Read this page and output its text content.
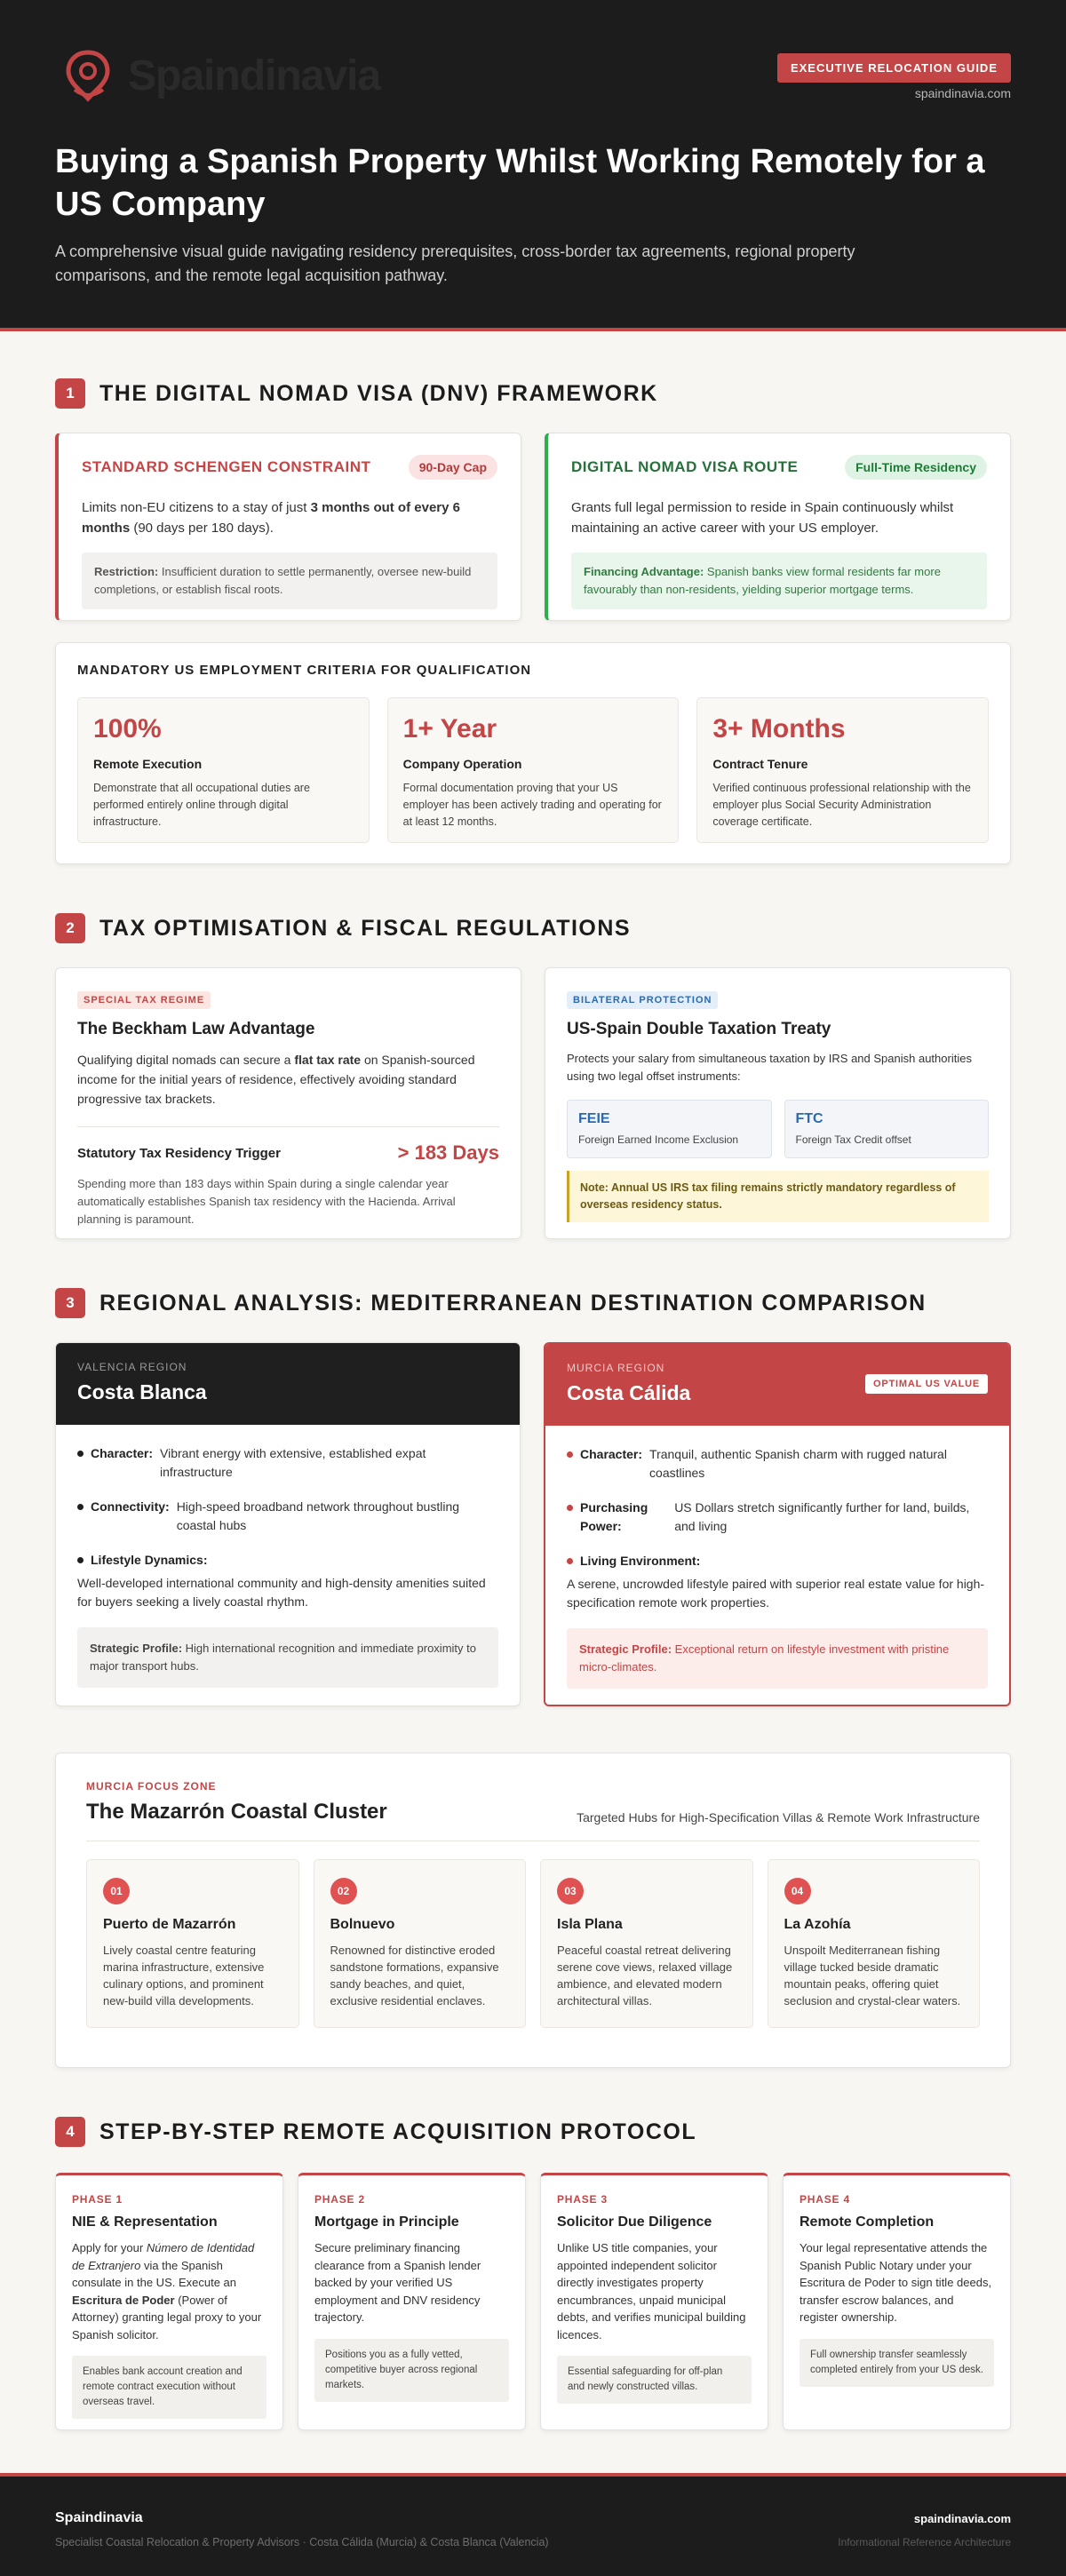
Spaindinavia	EXECUTIVE RELOCATION GUIDE
spaindinavia.com
Buying a Spanish Property Whilst Working Remotely for a US Company

A comprehensive visual guide navigating residency prerequisites, cross-border tax agreements, regional property comparisons, and the remote legal acquisition pathway.

1	THE DIGITAL NOMAD VISA (DNV) FRAMEWORK
STANDARD SCHENGEN CONSTRAINT	90-Day Cap

Limits non-EU citizens to a stay of just 3 months out of every 6 months (90 days per 180 days).

Restriction: Insufficient duration to settle permanently, oversee new-build completions, or establish fiscal roots.
DIGITAL NOMAD VISA ROUTE	Full-Time Residency

Grants full legal permission to reside in Spain continuously whilst maintaining an active career with your US employer.

Financing Advantage: Spanish banks view formal residents far more favourably than non-residents, yielding superior mortgage terms.
MANDATORY US EMPLOYMENT CRITERIA FOR QUALIFICATION
100%
Remote Execution
Demonstrate that all occupational duties are performed entirely online through digital infrastructure.
1+ Year
Company Operation
Formal documentation proving that your US employer has been actively trading and operating for at least 12 months.
3+ Months
Contract Tenure
Verified continuous professional relationship with the employer plus Social Security Administration coverage certificate.
2	TAX OPTIMISATION & FISCAL REGULATIONS
SPECIAL TAX REGIME
The Beckham Law Advantage

Qualifying digital nomads can secure a flat tax rate on Spanish-sourced income for the initial years of residence, effectively avoiding standard progressive tax brackets.

Statutory Tax Residency Trigger	> 183 Days

Spending more than 183 days within Spain during a single calendar year automatically establishes Spanish tax residency with the Hacienda. Arrival planning is paramount.

BILATERAL PROTECTION
US-Spain Double Taxation Treaty

Protects your salary from simultaneous taxation by IRS and Spanish authorities using two legal offset instruments:

FEIE
Foreign Earned Income Exclusion
FTC
Foreign Tax Credit offset
Note: Annual US IRS tax filing remains strictly mandatory regardless of overseas residency status.
3	REGIONAL ANALYSIS: MEDITERRANEAN DESTINATION COMPARISON
VALENCIA REGION
Costa Blanca
Character: Vibrant energy with extensive, established expat infrastructure
Connectivity: High-speed broadband network throughout bustling coastal hubs
Lifestyle Dynamics:
Well-developed international community and high-density amenities suited for buyers seeking a lively coastal rhythm.
Strategic Profile: High international recognition and immediate proximity to major transport hubs.
MURCIA REGION
Costa Cálida	OPTIMAL US VALUE
Character: Tranquil, authentic Spanish charm with rugged natural coastlines
Purchasing Power:
US Dollars stretch significantly further for land, builds, and living
Living Environment:
A serene, uncrowded lifestyle paired with superior real estate value for high-specification remote work properties.
Strategic Profile: Exceptional return on lifestyle investment with pristine micro-climates.
MURCIA FOCUS ZONE
The Mazarrón Coastal Cluster	Targeted Hubs for High-Specification Villas & Remote Work Infrastructure
01
Puerto de Mazarrón
Lively coastal centre featuring marina infrastructure, extensive culinary options, and prominent new-build villa developments.
02
Bolnuevo
Renowned for distinctive eroded sandstone formations, expansive sandy beaches, and quiet, exclusive residential enclaves.
03
Isla Plana
Peaceful coastal retreat delivering serene cove views, relaxed village ambience, and elevated modern architectural villas.
04
La Azohía
Unspoilt Mediterranean fishing village tucked beside dramatic mountain peaks, offering quiet seclusion and crystal-clear waters.
4	STEP-BY-STEP REMOTE ACQUISITION PROTOCOL
PHASE 1
NIE & Representation

Apply for your Número de Identidad de Extranjero via the Spanish consulate in the US. Execute an Escritura de Poder (Power of Attorney) granting legal proxy to your Spanish solicitor.

Enables bank account creation and remote contract execution without overseas travel.
PHASE 2
Mortgage in Principle

Secure preliminary financing clearance from a Spanish lender backed by your verified US employment and DNV residency trajectory.

Positions you as a fully vetted, competitive buyer across regional markets.
PHASE 3
Solicitor Due Diligence

Unlike US title companies, your appointed independent solicitor directly investigates property encumbrances, unpaid municipal debts, and verifies municipal building licences.

Essential safeguarding for off-plan and newly constructed villas.
PHASE 4
Remote Completion

Your legal representative attends the Spanish Public Notary under your Escritura de Poder to sign title deeds, transfer escrow balances, and register ownership.

Full ownership transfer seamlessly completed entirely from your US desk.
Spaindinavia
Specialist Coastal Relocation & Property Advisors · Costa Cálida (Murcia) & Costa Blanca (Valencia)
spaindinavia.com
Informational Reference Architecture
